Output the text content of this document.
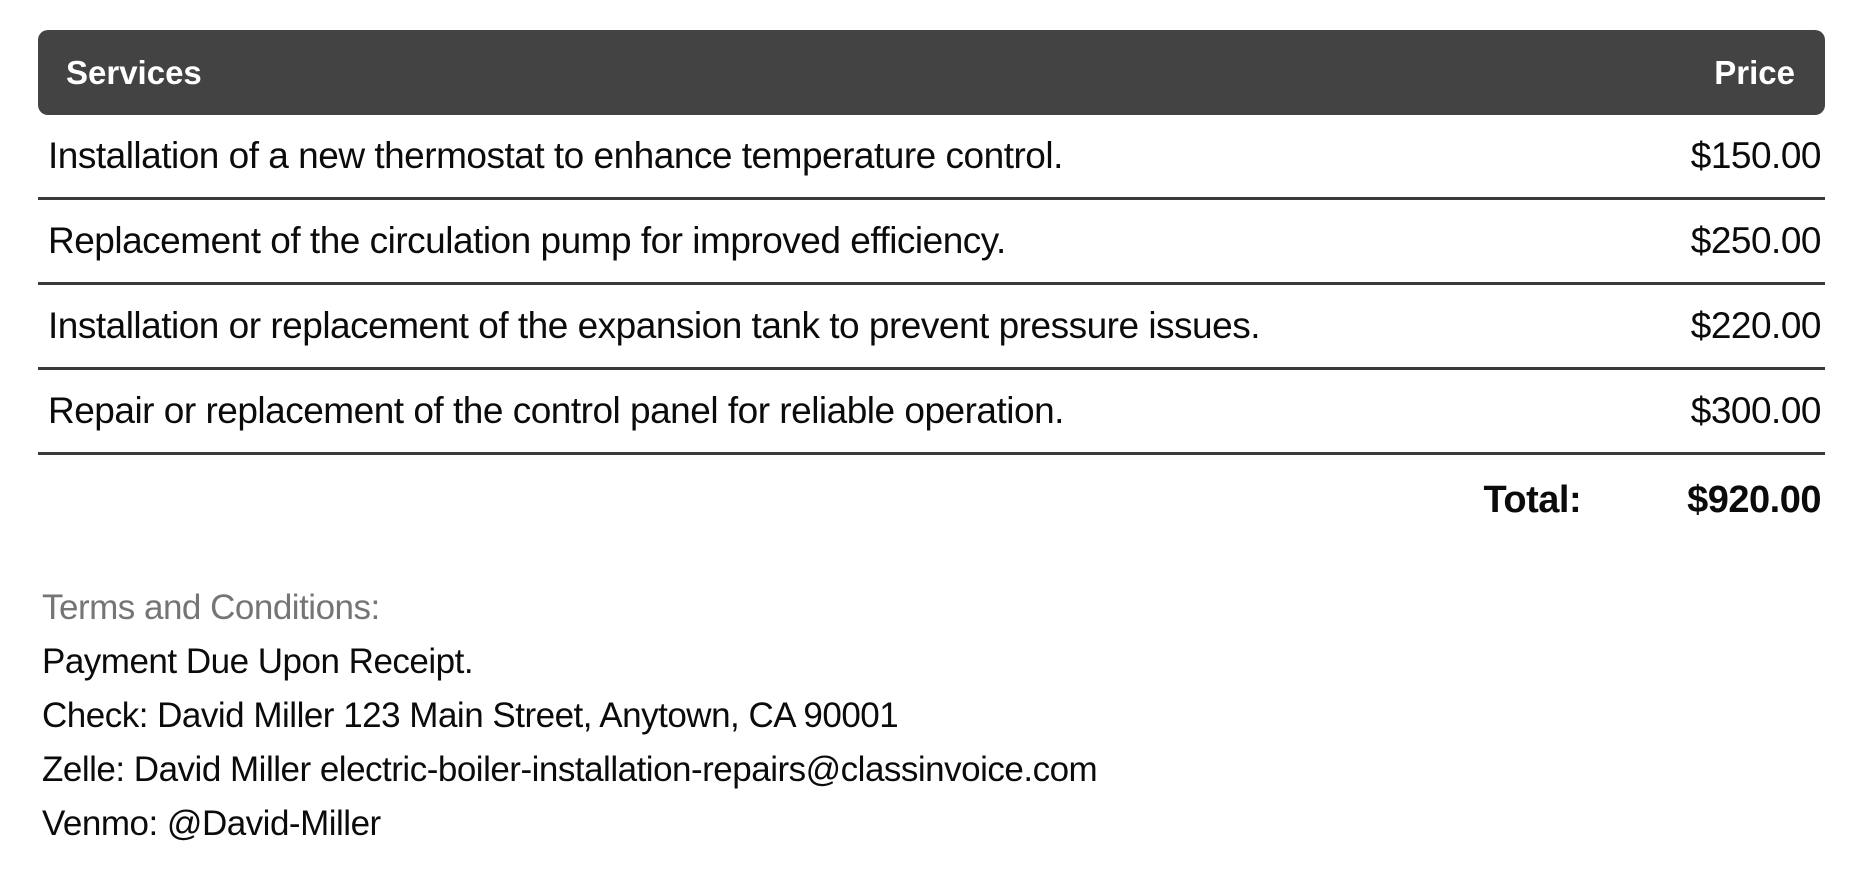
Services	Price
Installation of a new thermostat to enhance temperature control.	$150.00
Replacement of the circulation pump for improved efficiency.	$250.00
Installation or replacement of the expansion tank to prevent pressure issues.	$220.00
Repair or replacement of the control panel for reliable operation.	$300.00
Total:	$920.00
Terms and Conditions:
Payment Due Upon Receipt.
Check: David Miller 123 Main Street, Anytown, CA 90001
Zelle: David Miller electric-boiler-installation-repairs@classinvoice.com
Venmo: @David-Miller
